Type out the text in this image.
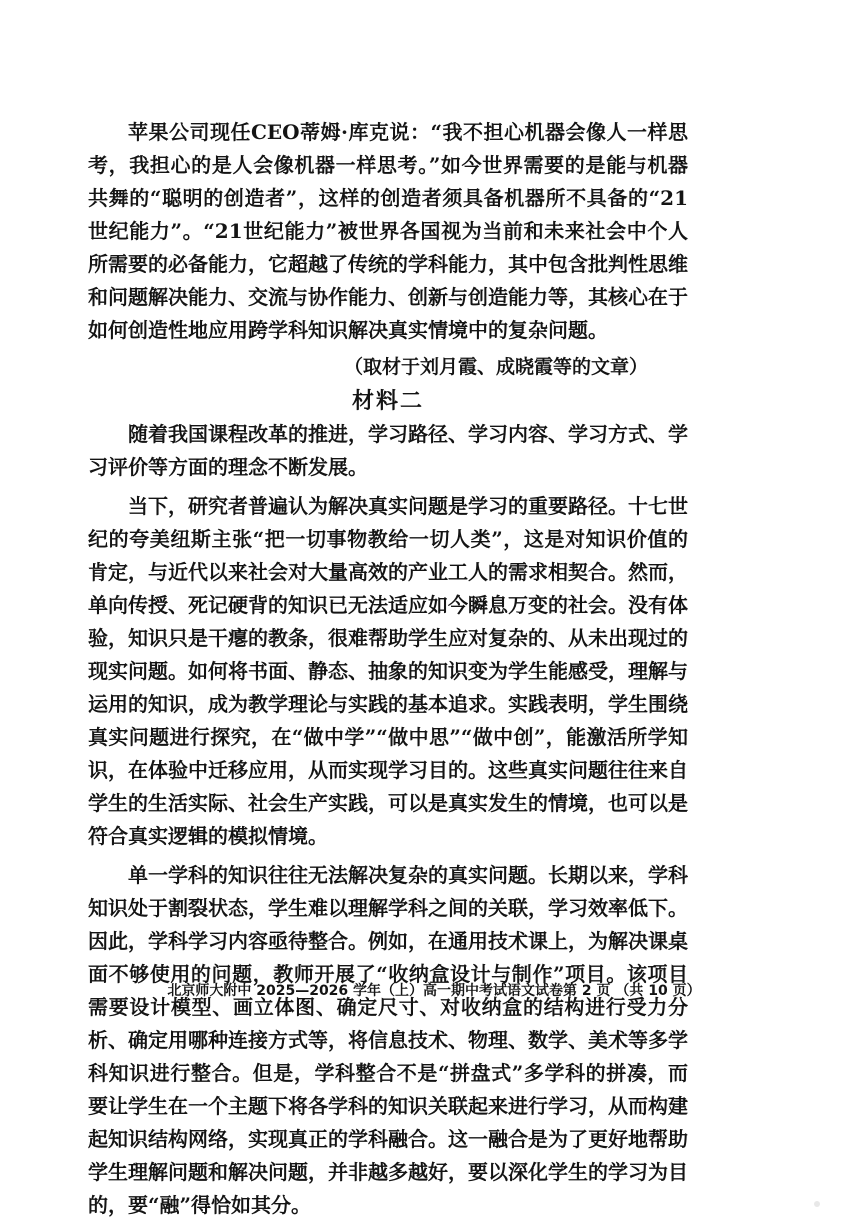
苹果公司现任CEO蒂姆·库克说：“我不担心机器会像人一样思考，我担心的是人会像机器一样思考。”如今世界需要的是能与机器共舞的“聪明的创造者”，这样的创造者须具备机器所不具备的“21世纪能力”。“21世纪能力”被世界各国视为当前和未来社会中个人所需要的必备能力，它超越了传统的学科能力，其中包含批判性思维和问题解决能力、交流与协作能力、创新与创造能力等，其核心在于如何创造性地应用跨学科知识解决真实情境中的复杂问题。

（取材于刘月霞、成晓霞等的文章）
材料二

随着我国课程改革的推进，学习路径、学习内容、学习方式、学习评价等方面的理念不断发展。

当下，研究者普遍认为解决真实问题是学习的重要路径。十七世纪的夸美纽斯主张“把一切事物教给一切人类”，这是对知识价值的肯定，与近代以来社会对大量高效的产业工人的需求相契合。然而，单向传授、死记硬背的知识已无法适应如今瞬息万变的社会。没有体验，知识只是干瘪的教条，很难帮助学生应对复杂的、从未出现过的现实问题。如何将书面、静态、抽象的知识变为学生能感受，理解与运用的知识，成为教学理论与实践的基本追求。实践表明，学生围绕真实问题进行探究，在“做中学”“做中思”“做中创”，能激活所学知识，在体验中迁移应用，从而实现学习目的。这些真实问题往往来自学生的生活实际、社会生产实践，可以是真实发生的情境，也可以是符合真实逻辑的模拟情境。

单一学科的知识往往无法解决复杂的真实问题。长期以来，学科知识处于割裂状态，学生难以理解学科之间的关联，学习效率低下。因此，学科学习内容亟待整合。例如，在通用技术课上，为解决课桌面不够使用的问题，教师开展了“收纳盒设计与制作”项目。该项目需要设计模型、画立体图、确定尺寸、对收纳盒的结构进行受力分析、确定用哪种连接方式等，将信息技术、物理、数学、美术等多学科知识进行整合。但是，学科整合不是“拼盘式”多学科的拼凑，而要让学生在一个主题下将各学科的知识关联起来进行学习，从而构建起知识结构网络，实现真正的学科融合。这一融合是为了更好地帮助学生理解问题和解决问题，并非越多越好，要以深化学生的学习为目的，要“融”得恰如其分。

北京师大附中 2025—2026 学年（上）高一期中考试语文试卷第 2 页 （共 10 页）
